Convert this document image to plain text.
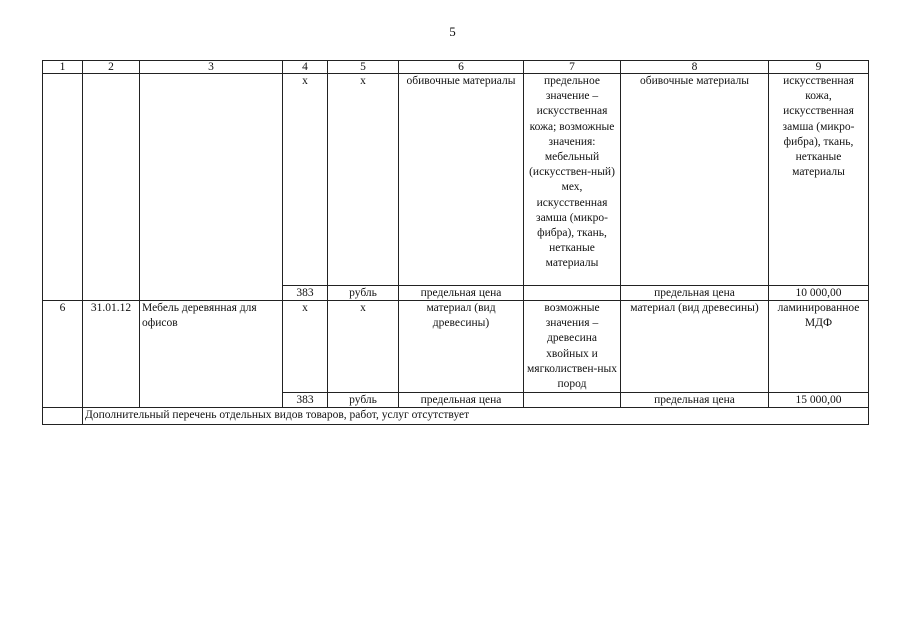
5
1	2	3	4	5	6	7	8	9
			x	x	обивочные материалы	предельное значение – искусственная кожа; возможные значения: мебельный (искусствен-ный) мех, искусственная замша (микро-фибра), ткань, нетканые материалы	обивочные материалы	искусственная кожа, искусственная замша (микро-фибра), ткань, нетканые материалы
			383	рубль	предельная цена		предельная цена	10 000,00
6	31.01.12	Мебель деревянная для офисов	x	x	материал (вид древесины)	возможные значения – древесина хвойных и мягколиствен-ных пород	материал (вид древесины)	ламинированное МДФ
			383	рубль	предельная цена		предельная цена	15 000,00
	Дополнительный перечень отдельных видов товаров, работ, услуг отсутствует							
